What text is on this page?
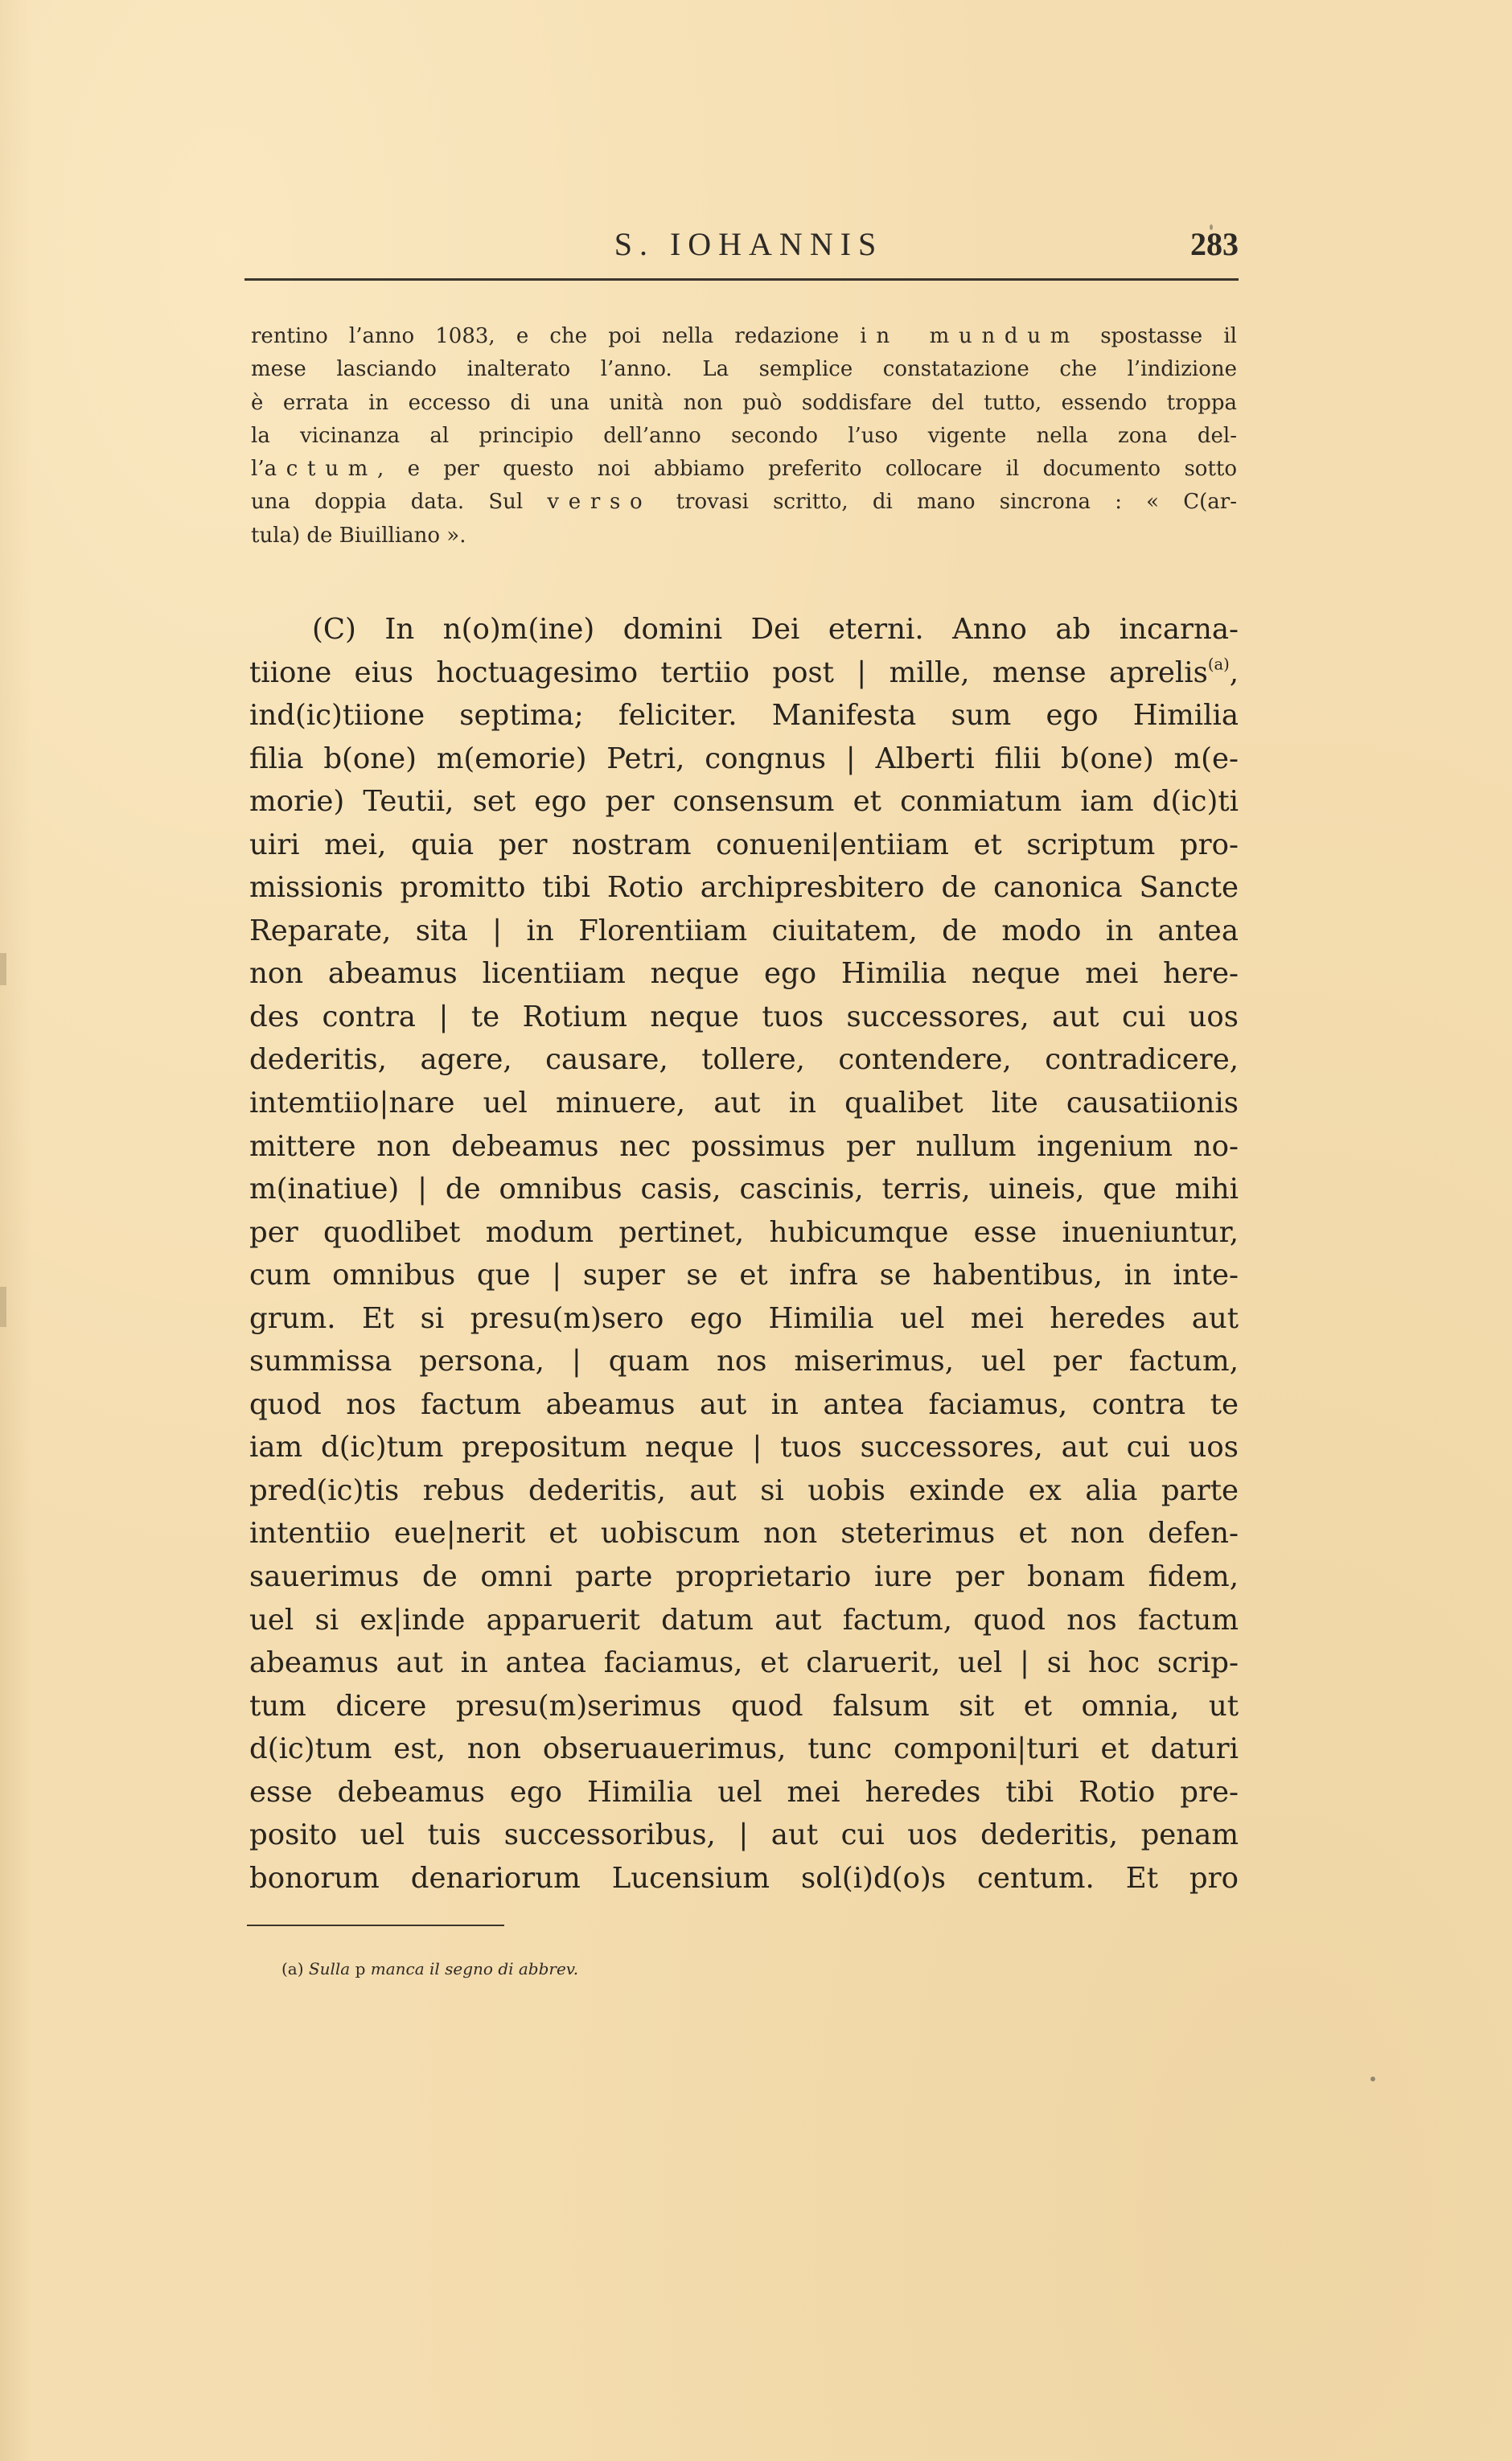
S. IOHANNIS	283
rentino l’anno 1083, e che poi nella redazione in mundum spostasse il
mese lasciando inalterato l’anno. La semplice constatazione che l’indizione
è errata in eccesso di una unità non può soddisfare del tutto, essendo troppa
la vicinanza al principio dell’anno secondo l’uso vigente nella zona del-
l’actum, e per questo noi abbiamo preferito collocare il documento sotto
una doppia data. Sul verso trovasi scritto, di mano sincrona : « C(ar-
tula) de Biuilliano ».
(C) In n(o)m(ine) domini Dei eterni. Anno ab incarna-
tiione eius hoctuagesimo tertiio post | mille, mense aprelis$^{(a)}$,
ind(ic)tiione septima; feliciter. Manifesta sum ego Himilia
filia b(one) m(emorie) Petri, congnus | Alberti filii b(one) m(e-
morie) Teutii, set ego per consensum et conmiatum iam d(ic)ti
uiri mei, quia per nostram conueni|entiiam et scriptum pro-
missionis promitto tibi Rotio archipresbitero de canonica Sancte
Reparate, sita | in Florentiiam ciuitatem, de modo in antea
non abeamus licentiiam neque ego Himilia neque mei here-
des contra | te Rotium neque tuos successores, aut cui uos
dederitis, agere, causare, tollere, contendere, contradicere,
intemtiio|nare uel minuere, aut in qualibet lite causatiionis
mittere non debeamus nec possimus per nullum ingenium no-
m(inatiue) | de omnibus casis, cascinis, terris, uineis, que mihi
per quodlibet modum pertinet, hubicumque esse inueniuntur,
cum omnibus que | super se et infra se habentibus, in inte-
grum. Et si presu(m)sero ego Himilia uel mei heredes aut
summissa persona, | quam nos miserimus, uel per factum,
quod nos factum abeamus aut in antea faciamus, contra te
iam d(ic)tum prepositum neque | tuos successores, aut cui uos
pred(ic)tis rebus dederitis, aut si uobis exinde ex alia parte
intentiio eue|nerit et uobiscum non steterimus et non defen-
sauerimus de omni parte proprietario iure per bonam fidem,
uel si ex|inde apparuerit datum aut factum, quod nos factum
abeamus aut in antea faciamus, et claruerit, uel | si hoc scrip-
tum dicere presu(m)serimus quod falsum sit et omnia, ut
d(ic)tum est, non obseruauerimus, tunc componi|turi et daturi
esse debeamus ego Himilia uel mei heredes tibi Rotio pre-
posito uel tuis successoribus, | aut cui uos dederitis, penam
bonorum denariorum Lucensium sol(i)d(o)s centum. Et pro
(a) Sulla p manca il segno di abbrev.
